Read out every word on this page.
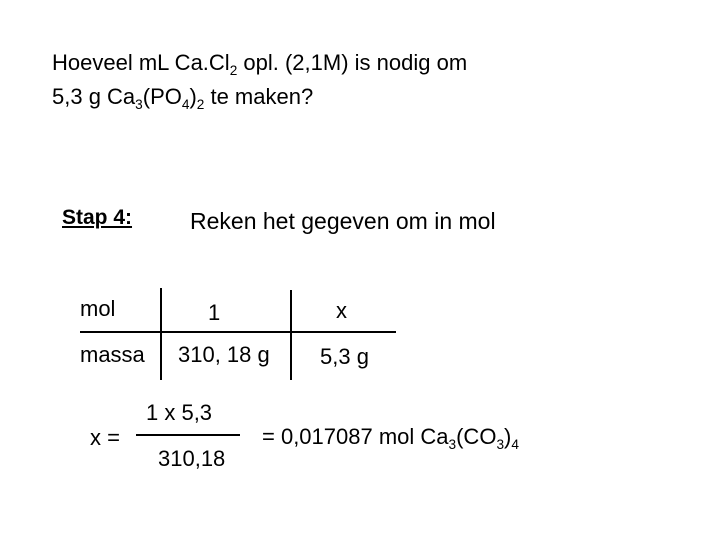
Hoeveel mL $Ca.Cl_2$ opl. (2,1M) is nodig om
5,3 g $Ca_3(PO_4)_2$ te maken?
Stap 4:	Reken het gegeven om in mol
mol
massa
1	x
310, 18 g 5,3 g
x =
1 x 5,3
310,18
= 0,017087 mol $Ca_3(CO_3)_4$
